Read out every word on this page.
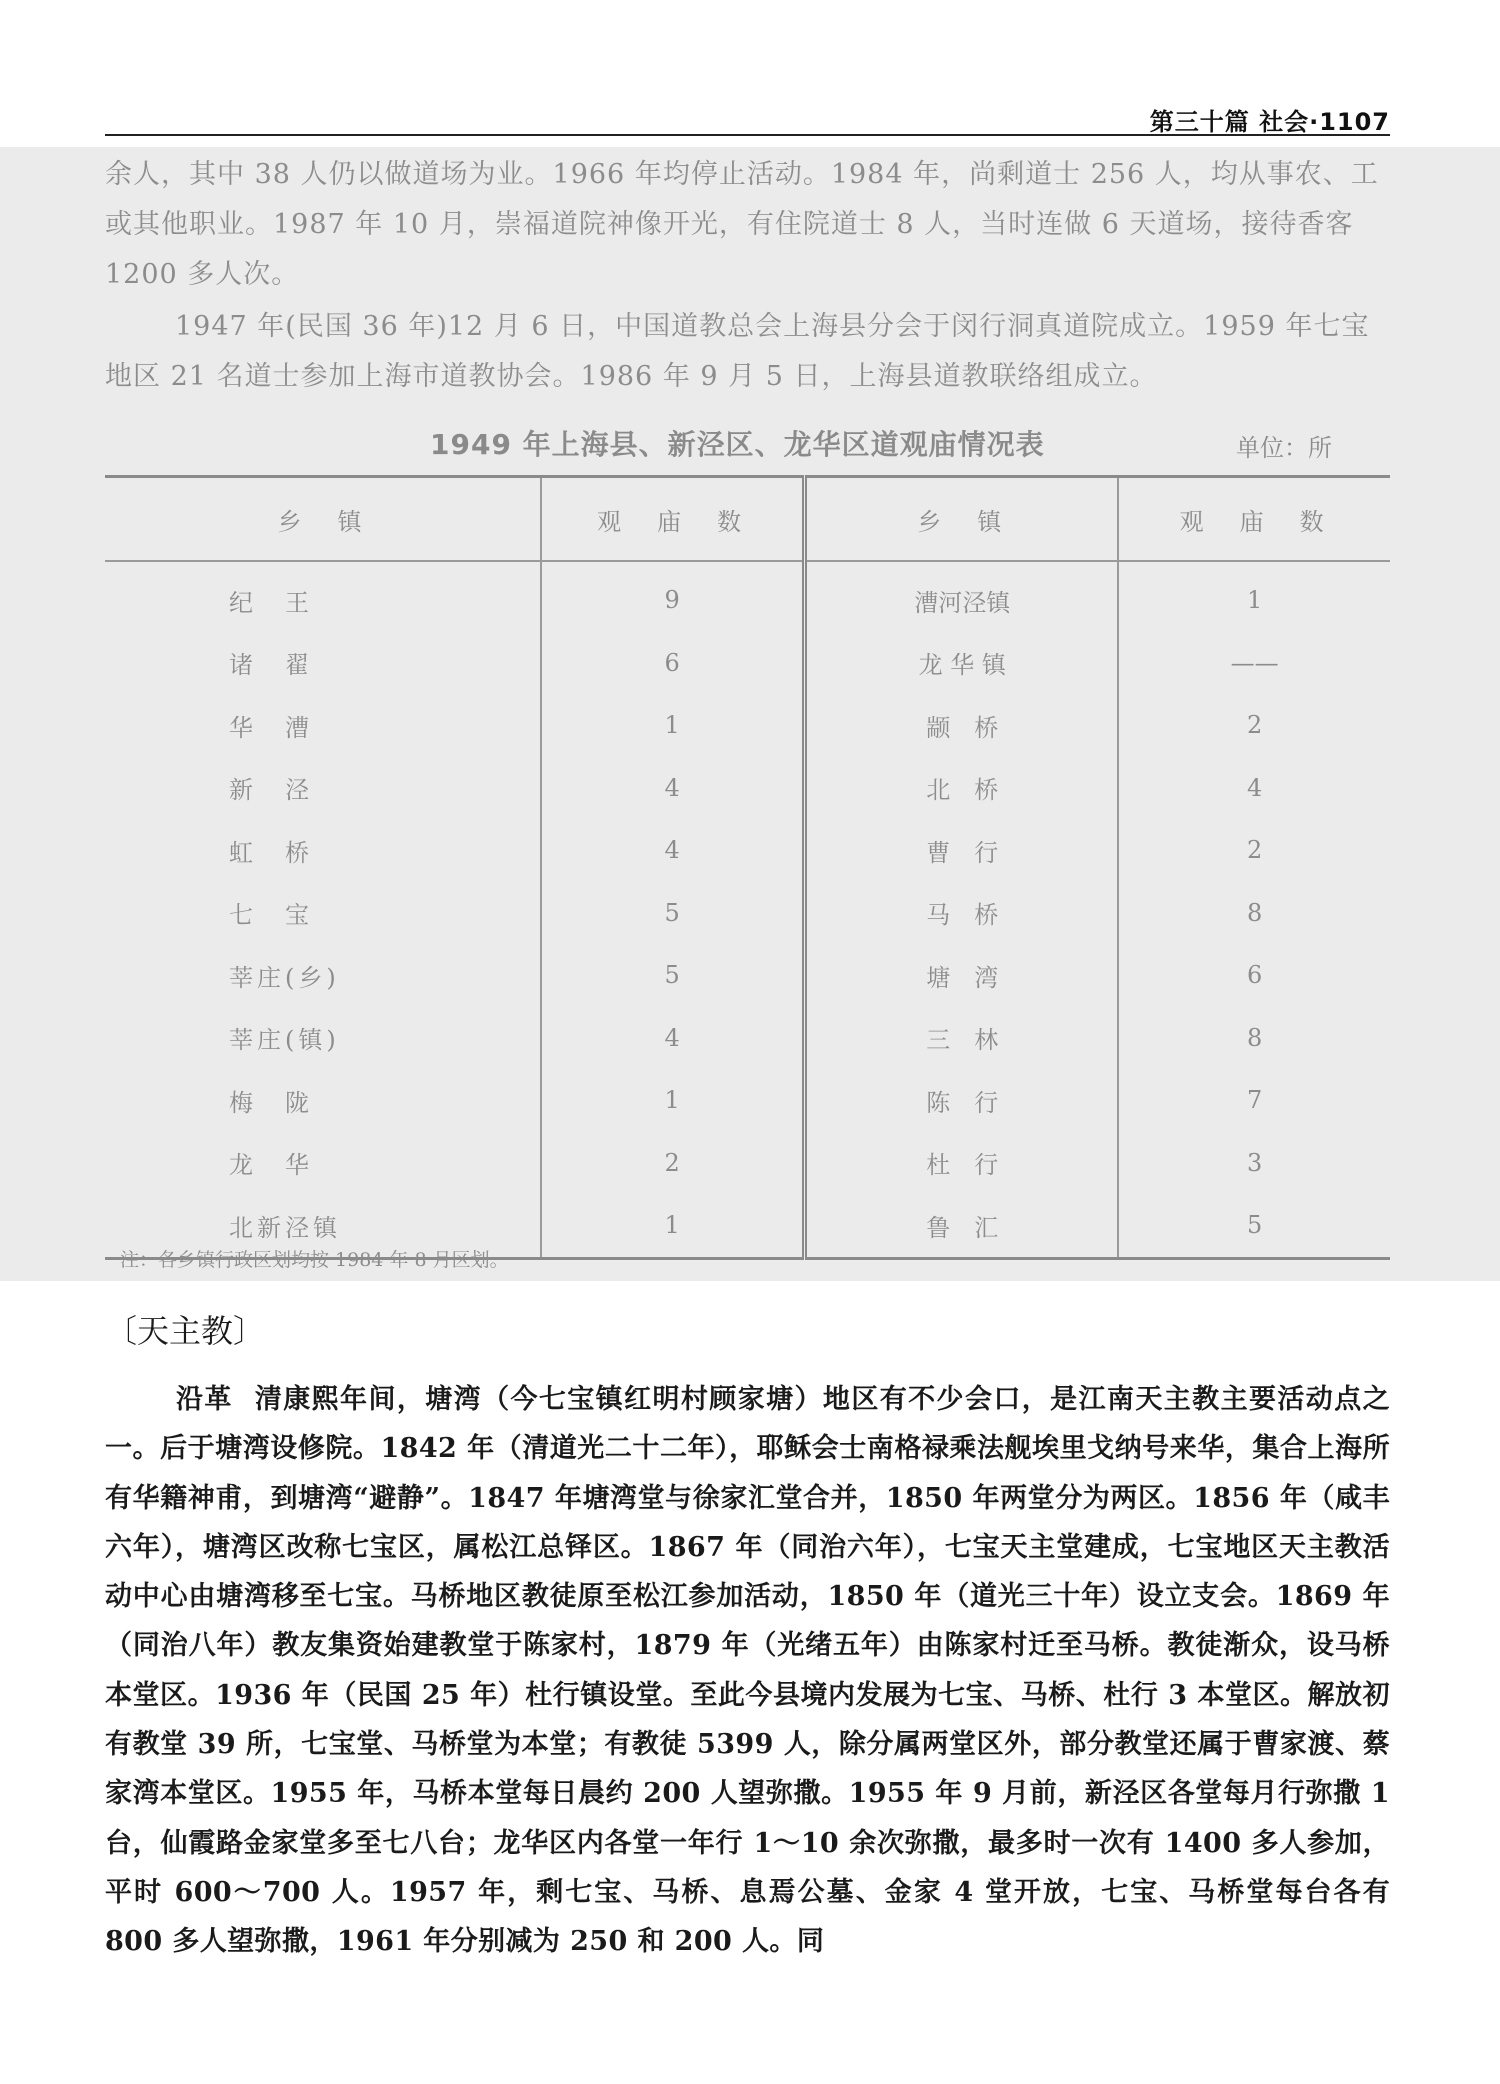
第三十篇 社会·1107

余人，其中 38 人仍以做道场为业。1966 年均停止活动。1984 年，尚剩道士 256 人，均从事农、工或其他职业。1987 年 10 月，崇福道院神像开光，有住院道士 8 人，当时连做 6 天道场，接待香客 1200 多人次。

1947 年(民国 36 年)12 月 6 日，中国道教总会上海县分会于闵行洞真道院成立。1959 年七宝地区 21 名道士参加上海市道教协会。1986 年 9 月 5 日，上海县道教联络组成立。

1949 年上海县、新泾区、龙华区道观庙情况表	单位：所
乡　镇	观　庙　数	乡　镇	观　庙　数
纪　王	9	漕河泾镇	1
诸　翟	6	龙 华 镇	——
华　漕	1	颛　桥	2
新　泾	4	北　桥	4
虹　桥	4	曹　行	2
七　宝	5	马　桥	8
莘庄(乡)	5	塘　湾	6
莘庄(镇)	4	三　林	8
梅　陇	1	陈　行	7
龙　华	2	杜　行	3
北新泾镇	1	鲁　汇	5
注：各乡镇行政区划均按 1984 年 8 月区划。
〔天主教〕
沿革 清康熙年间，塘湾（今七宝镇红明村顾家塘）地区有不少会口，是江南天主教主要活动点之一。后于塘湾设修院。1842 年（清道光二十二年），耶稣会士南格禄乘法舰埃里戈纳号来华，集合上海所有华籍神甫，到塘湾“避静”。1847 年塘湾堂与徐家汇堂合并，1850 年两堂分为两区。1856 年（咸丰六年），塘湾区改称七宝区，属松江总铎区。1867 年（同治六年），七宝天主堂建成，七宝地区天主教活动中心由塘湾移至七宝。马桥地区教徒原至松江参加活动，1850 年（道光三十年）设立支会。1869 年（同治八年）教友集资始建教堂于陈家村，1879 年（光绪五年）由陈家村迁至马桥。教徒渐众，设马桥本堂区。1936 年（民国 25 年）杜行镇设堂。至此今县境内发展为七宝、马桥、杜行 3 本堂区。解放初有教堂 39 所，七宝堂、马桥堂为本堂；有教徒 5399 人，除分属两堂区外，部分教堂还属于曹家渡、蔡家湾本堂区。1955 年，马桥本堂每日晨约 200 人望弥撒。1955 年 9 月前，新泾区各堂每月行弥撒 1 台，仙霞路金家堂多至七八台；龙华区内各堂一年行 1～10 余次弥撒，最多时一次有 1400 多人参加，平时 600～700 人。1957 年，剩七宝、马桥、息焉公墓、金家 4 堂开放，七宝、马桥堂每台各有 800 多人望弥撒，1961 年分别减为 250 和 200 人。同
